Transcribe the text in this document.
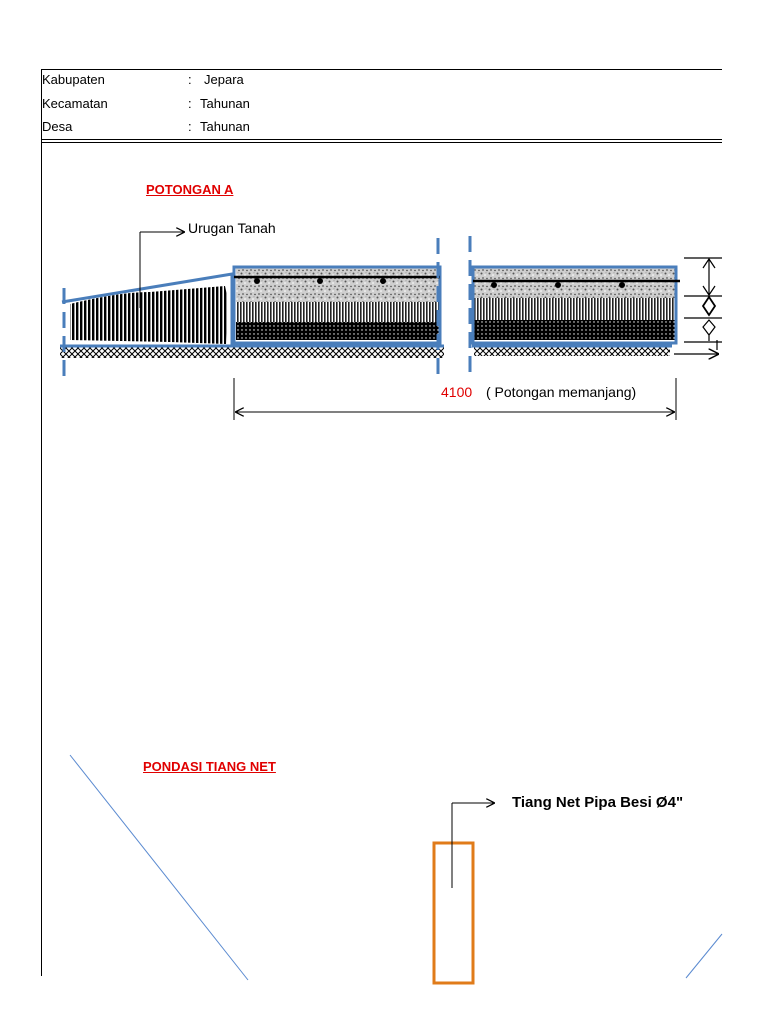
Kabupaten	: Jepara
Kecamatan	: Tahunan
Desa	: Tahunan
POTONGAN A
PONDASI TIANG NET
Urugan Tanah
4100 ( Potongan memanjang)
Tiang Net Pipa Besi Ø4"
